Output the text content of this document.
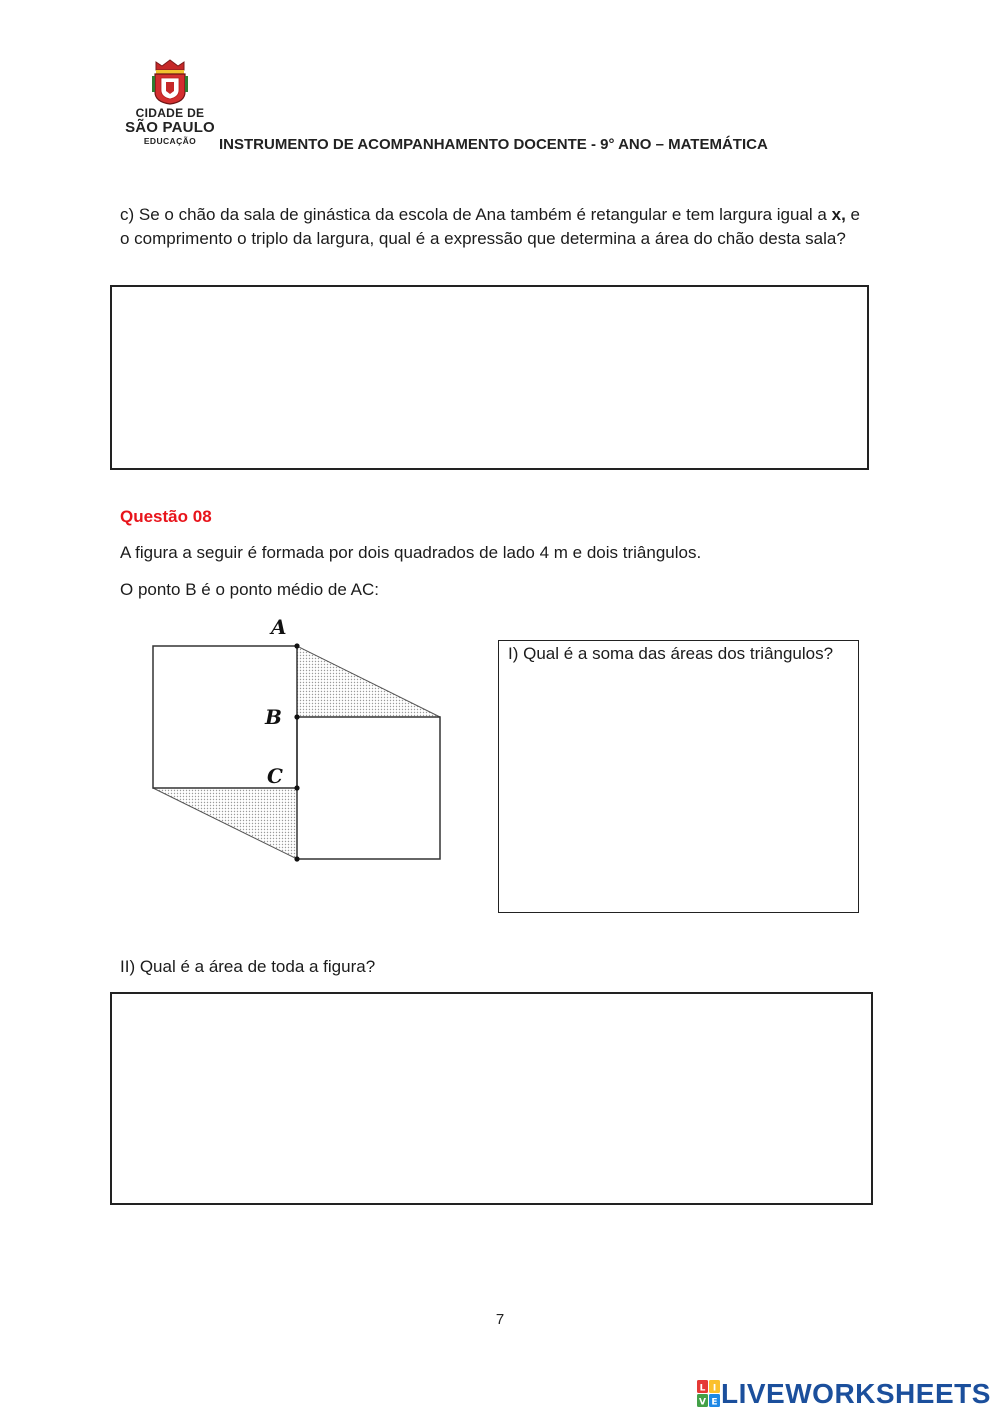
CIDADE DE
SÃO PAULO
EDUCAÇÃO	INSTRUMENTO DE ACOMPANHAMENTO DOCENTE - 9° ANO – MATEMÁTICA
c) Se o chão da sala de ginástica da escola de Ana também é retangular e tem largura igual a x, e o comprimento o triplo da largura, qual é a expressão que determina a área do chão desta sala?
Questão 08
A figura a seguir é formada por dois quadrados de lado 4 m e dois triângulos.
O ponto B é o ponto médio de AC:
A
B
C
I) Qual é a soma das áreas dos triângulos?
II) Qual é a área de toda a figura?
7
L I
V E LIVEWORKSHEETS
